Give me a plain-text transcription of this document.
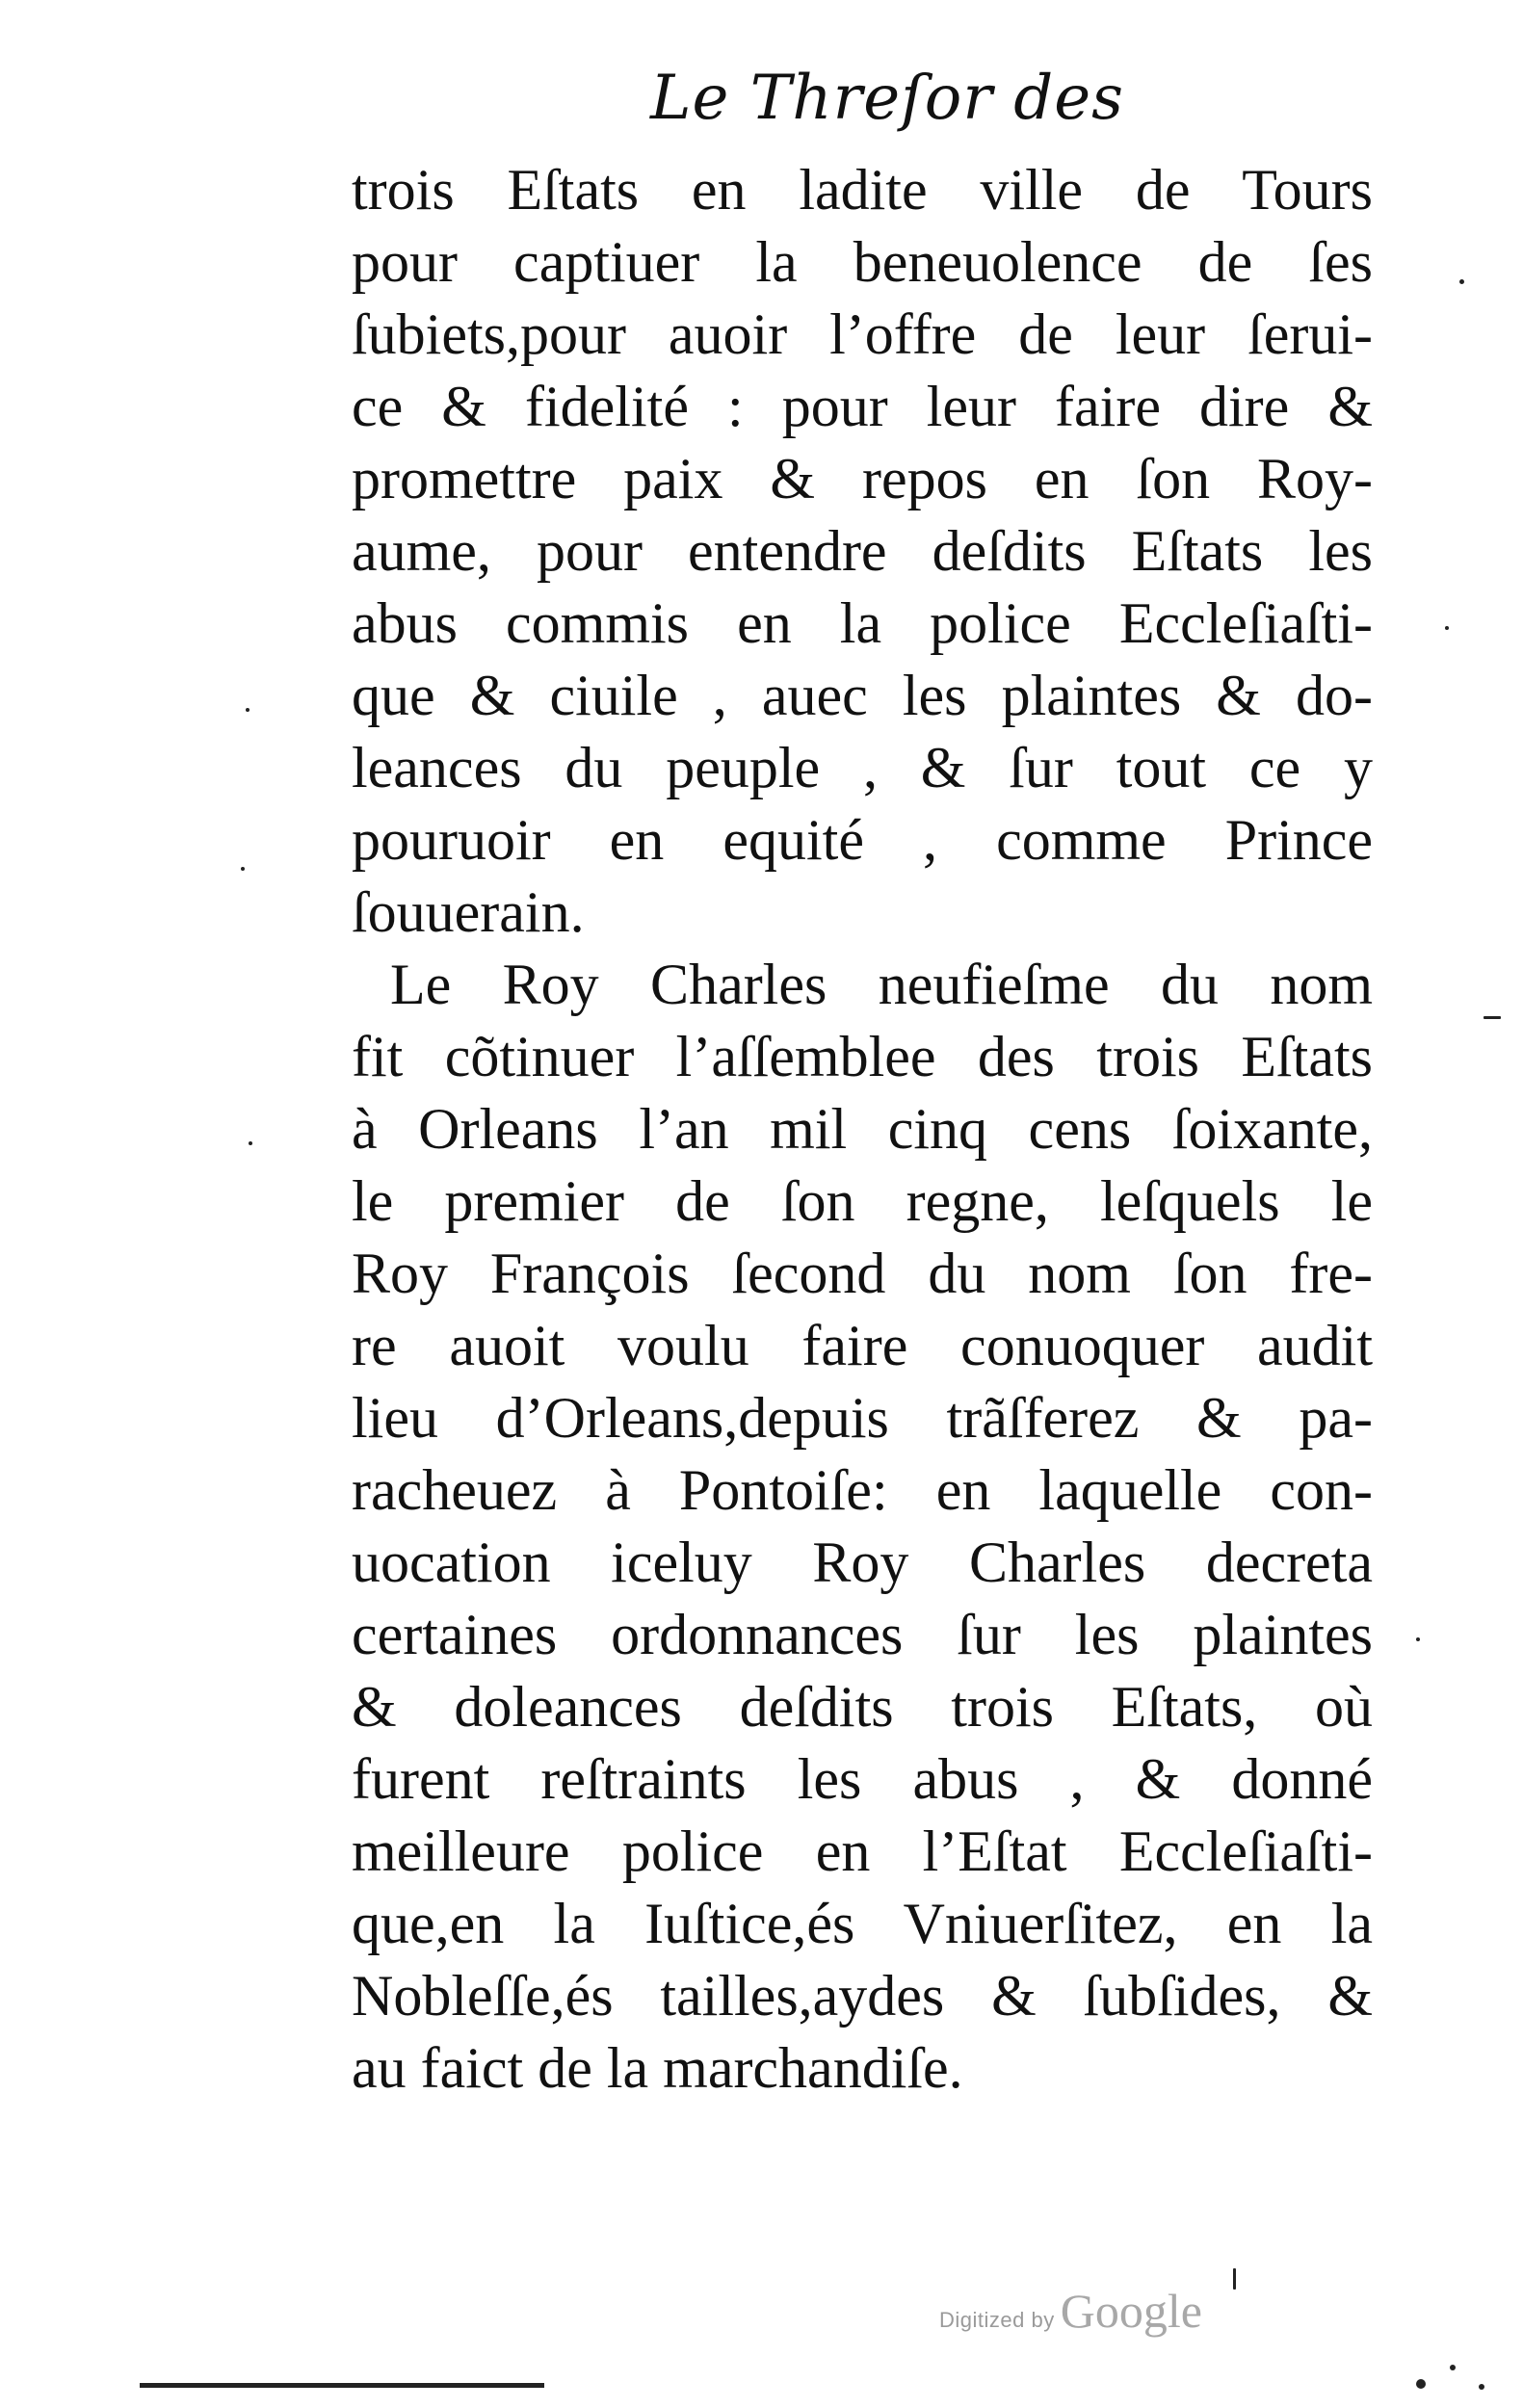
Le Threſor des
trois Eſtats en ladite ville de Tours
pour captiuer la beneuolence de ſes
ſubiets,pour auoir l’offre de leur ſerui-
ce & fidelité : pour leur faire dire &
promettre paix & repos en ſon Roy-
aume, pour entendre deſdits Eſtats les
abus commis en la police Eccleſiaſti-
que & ciuile , auec les plaintes & do-
leances du peuple , & ſur tout ce y
pouruoir en equité , comme Prince
ſouuerain.
Le Roy Charles neufieſme du nom
fit cõtinuer l’aſſemblee des trois Eſtats
à Orleans l’an mil cinq cens ſoixante,
le premier de ſon regne, leſquels le
Roy François ſecond du nom ſon fre-
re auoit voulu faire conuoquer audit
lieu d’Orleans,depuis trãſferez & pa-
racheuez à Pontoiſe: en laquelle con-
uocation iceluy Roy Charles decreta
certaines ordonnances ſur les plaintes
& doleances deſdits trois Eſtats, où
furent reſtraints les abus , & donné
meilleure police en l’Eſtat Eccleſiaſti-
que,en la Iuſtice,és Vniuerſitez, en la
Nobleſſe,és tailles,aydes & ſubſides, &
au faict de la marchandiſe.
Digitized by Google
